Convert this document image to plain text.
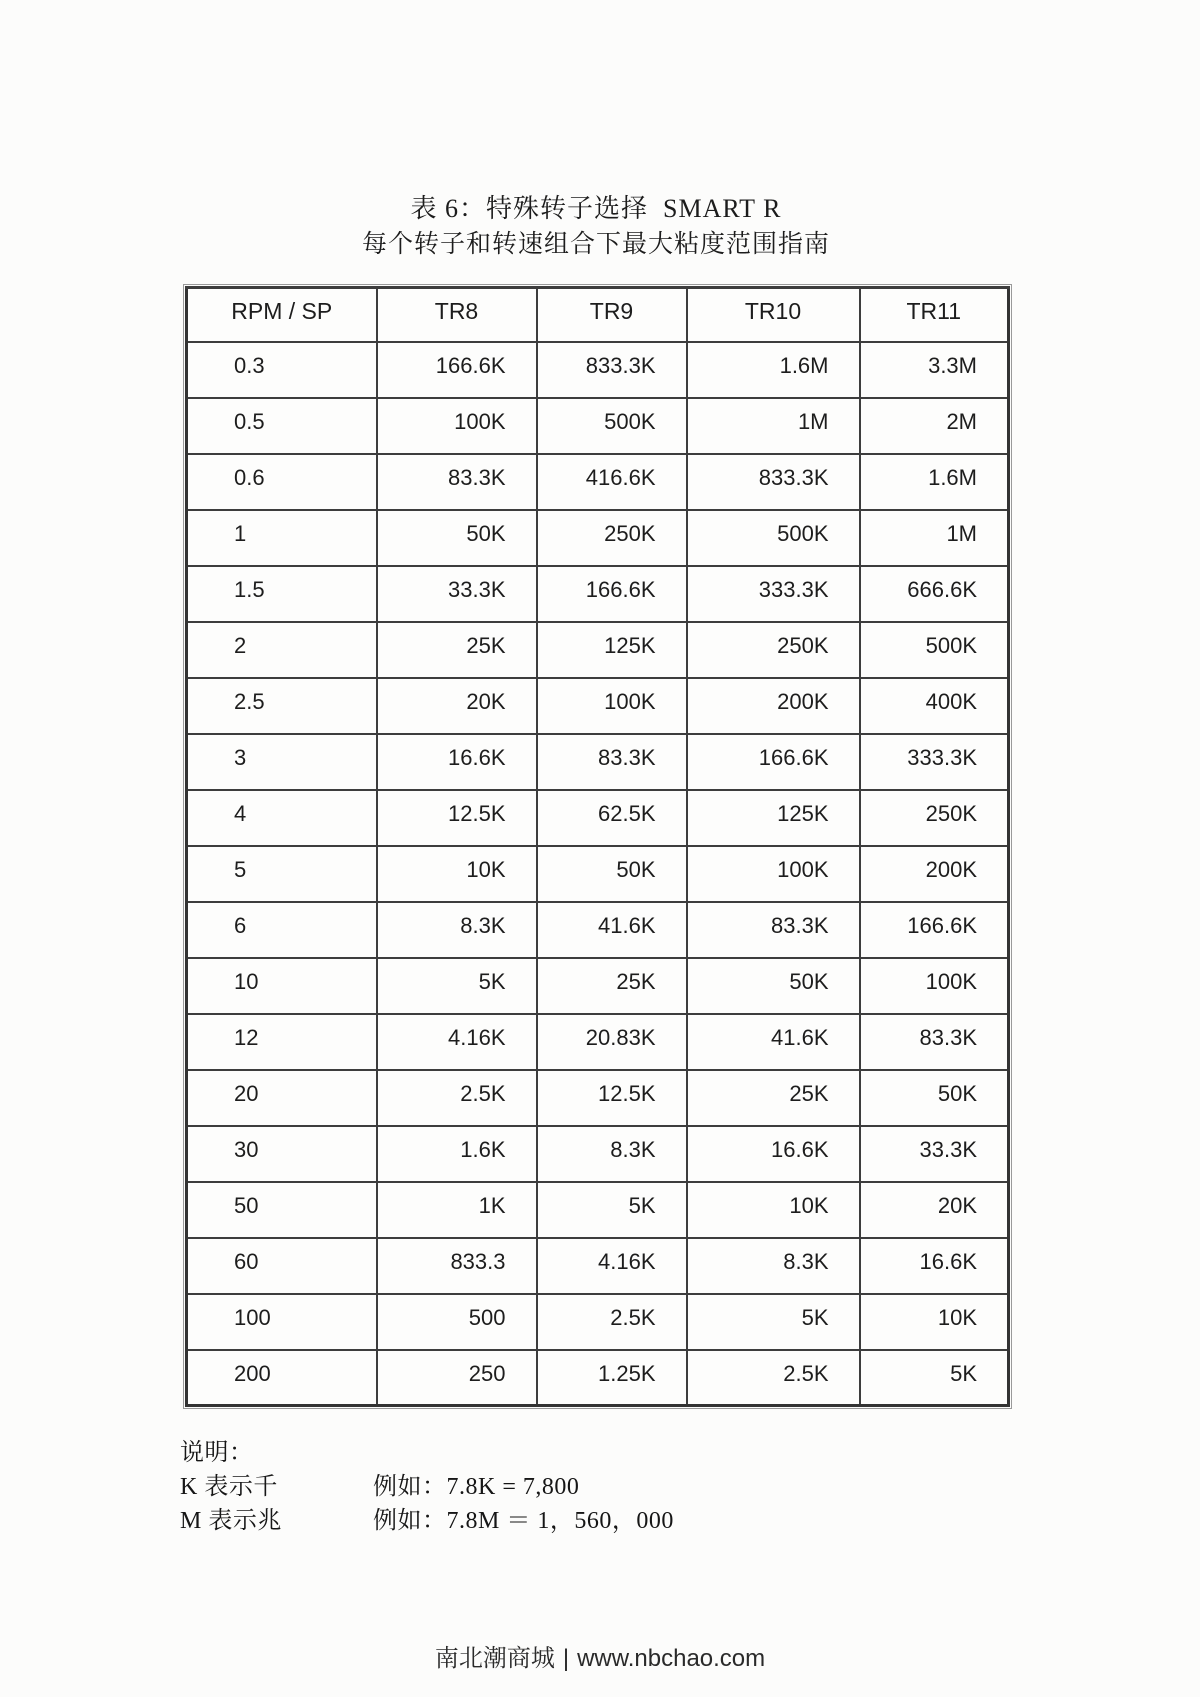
表 6：特殊转子选择  SMART R
每个转子和转速组合下最大粘度范围指南
RPM / SP	TR8	TR9	TR10	TR11
0.3	166.6K	833.3K	1.6M	3.3M
0.5	100K	500K	1M	2M
0.6	83.3K	416.6K	833.3K	1.6M
1	50K	250K	500K	1M
1.5	33.3K	166.6K	333.3K	666.6K
2	25K	125K	250K	500K
2.5	20K	100K	200K	400K
3	16.6K	83.3K	166.6K	333.3K
4	12.5K	62.5K	125K	250K
5	10K	50K	100K	200K
6	8.3K	41.6K	83.3K	166.6K
10	5K	25K	50K	100K
12	4.16K	20.83K	41.6K	83.3K
20	2.5K	12.5K	25K	50K
30	1.6K	8.3K	16.6K	33.3K
50	1K	5K	10K	20K
60	833.3	4.16K	8.3K	16.6K
100	500	2.5K	5K	10K
200	250	1.25K	2.5K	5K
说明：
K 表示千	例如：7.8K = 7,800
M 表示兆	例如：7.8M ＝ 1，560，000
南北潮商城 | www.nbchao.com
